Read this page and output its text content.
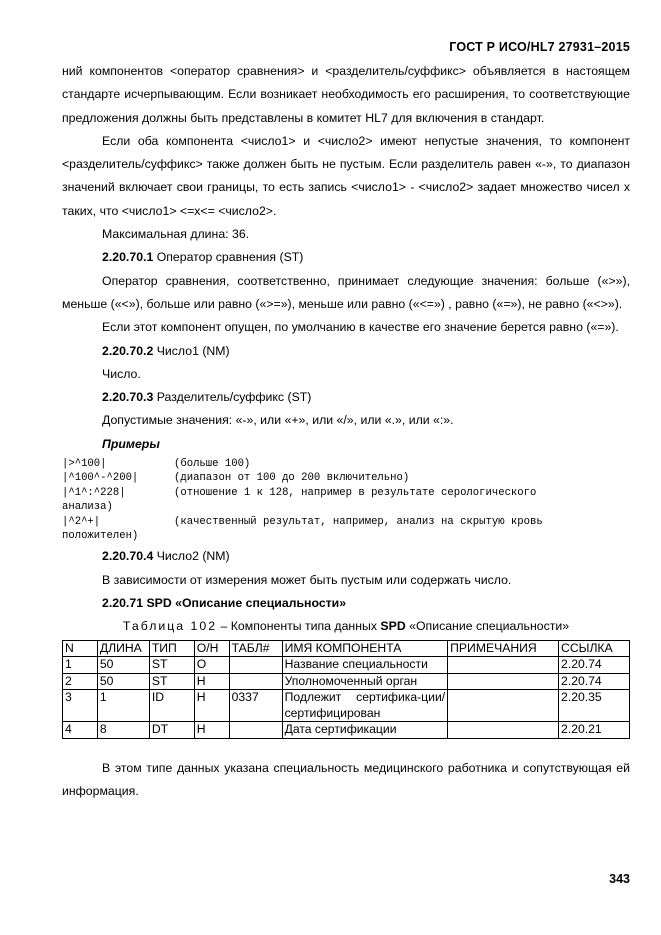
ГОСТ Р ИСО/HL7 27931–2015

ний компонентов <оператор сравнения> и <разделитель/суффикс> объявляется в настоящем стандарте исчерпывающим. Если возникает необходимость его расширения, то соответствующие предложения должны быть представлены в комитет HL7 для включения в стандарт.

Если оба компонента <число1> и <число2> имеют непустые значения, то компонент <разделитель/суффикс> также должен быть не пустым. Если разделитель равен «-», то диапазон значений включает свои границы, то есть запись <число1> - <число2> задает множество чисел x таких, что <число1> <=x<= <число2>.

Максимальная длина: 36.

2.20.70.1 Оператор сравнения (ST)

Оператор сравнения, соответственно, принимает следующие значения: больше («>»), меньше («<»), больше или равно («>=»), меньше или равно («<=») , равно («=»), не равно («<>»).

Если этот компонент опущен, по умолчанию в качестве его значение берется равно («=»).

2.20.70.2 Число1 (NM)

Число.

2.20.70.3 Разделитель/суффикс (ST)

Допустимые значения: «-», или «+», или «/», или «.», или «:».

Примеры

|>^100|	(больше 100)
|^100^-^200|	(диапазон от 100 до 200 включительно)
|^1^:^228|	(отношение 1 к 128, например в результате серологического
анализа)
|^2^+|	(качественный результат, например, анализ на скрытую кровь
положителен)

2.20.70.4 Число2 (NM)

В зависимости от измерения может быть пустым или содержать число.

2.20.71 SPD «Описание специальности»

Таблица 102 – Компоненты типа данных SPD «Описание специальности»

N	ДЛИНА	ТИП	О/Н	ТАБЛ#	ИМЯ КОМПОНЕНТА	ПРИМЕЧАНИЯ	ССЫЛКА
1	50	ST	О		Название специальности		2.20.74
2	50	ST	Н		Уполномоченный орган		2.20.74
3	1	ID	Н	0337	Подлежит сертифика-ции/сертифицирован		2.20.35
4	8	DT	Н		Дата сертификации		2.20.21

В этом типе данных указана специальность медицинского работника и сопутствующая ей информация.

343
